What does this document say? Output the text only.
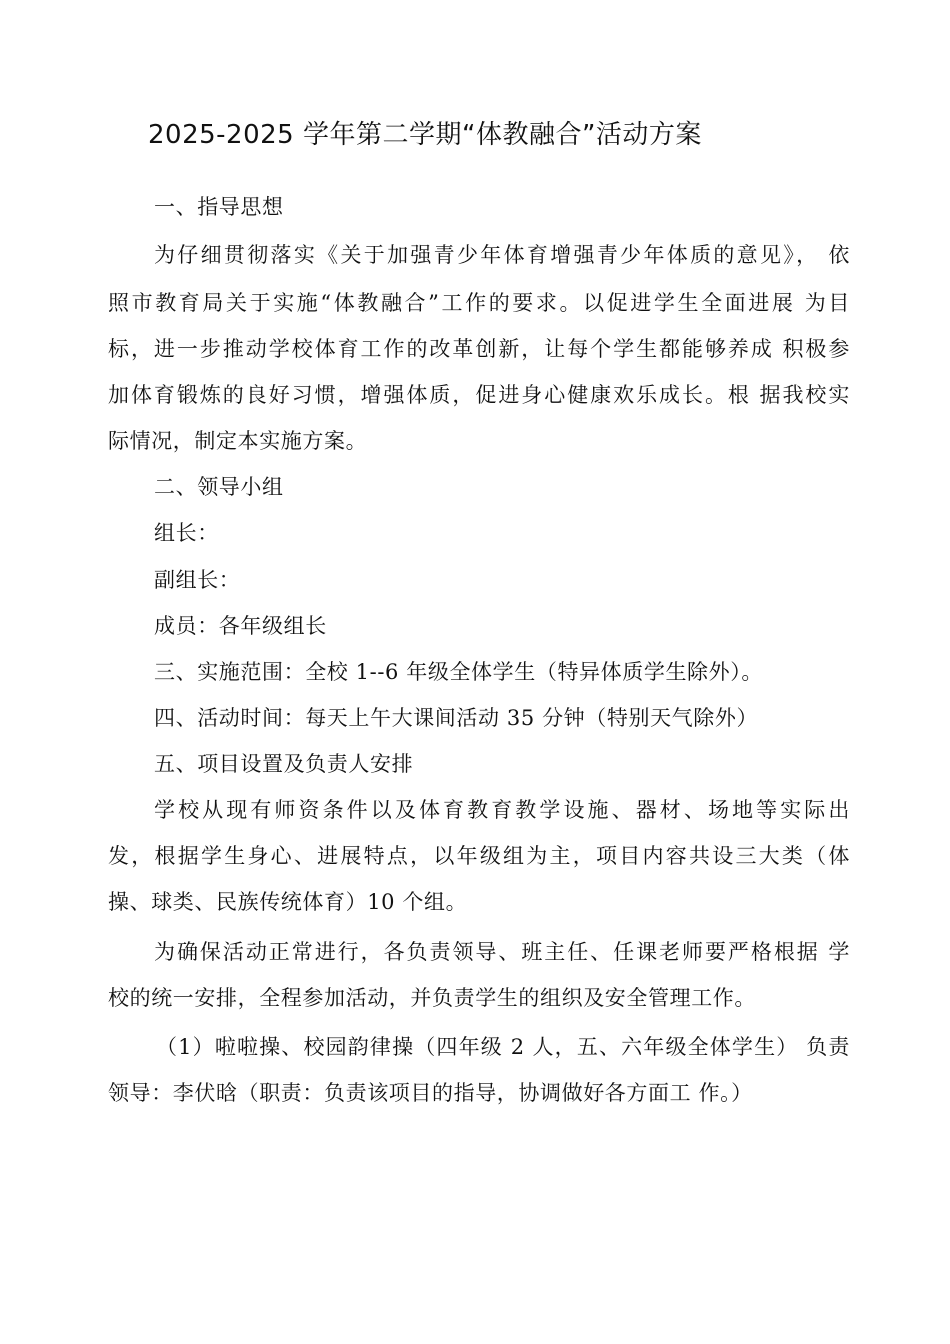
2025-2025 学年第二学期“体教融合”活动方案
一、指导思想
为仔细贯彻落实《关于加强青少年体育增强青少年体质的意见》， 依
照市教育局关于实施“体教融合”工作的要求。以促进学生全面进展 为目
标，进一步推动学校体育工作的改革创新，让每个学生都能够养成 积极参
加体育锻炼的良好习惯，增强体质，促进身心健康欢乐成长。根 据我校实
际情况，制定本实施方案。
二、领导小组
组长：
副组长：
成员：各年级组长
三、实施范围：全校 1--6 年级全体学生（特异体质学生除外）。
四、活动时间：每天上午大课间活动 35 分钟（特别天气除外）
五、项目设置及负责人安排
学校从现有师资条件以及体育教育教学设施、器材、场地等实际出
发，根据学生身心、进展特点，以年级组为主，项目内容共设三大类（体
操、球类、民族传统体育）10 个组。
为确保活动正常进行，各负责领导、班主任、任课老师要严格根据 学
校的统一安排，全程参加活动，并负责学生的组织及安全管理工作。
（1）啦啦操、校园韵律操（四年级 2 人，五、六年级全体学生） 负责
领导：李伏晗（职责：负责该项目的指导，协调做好各方面工 作。）
